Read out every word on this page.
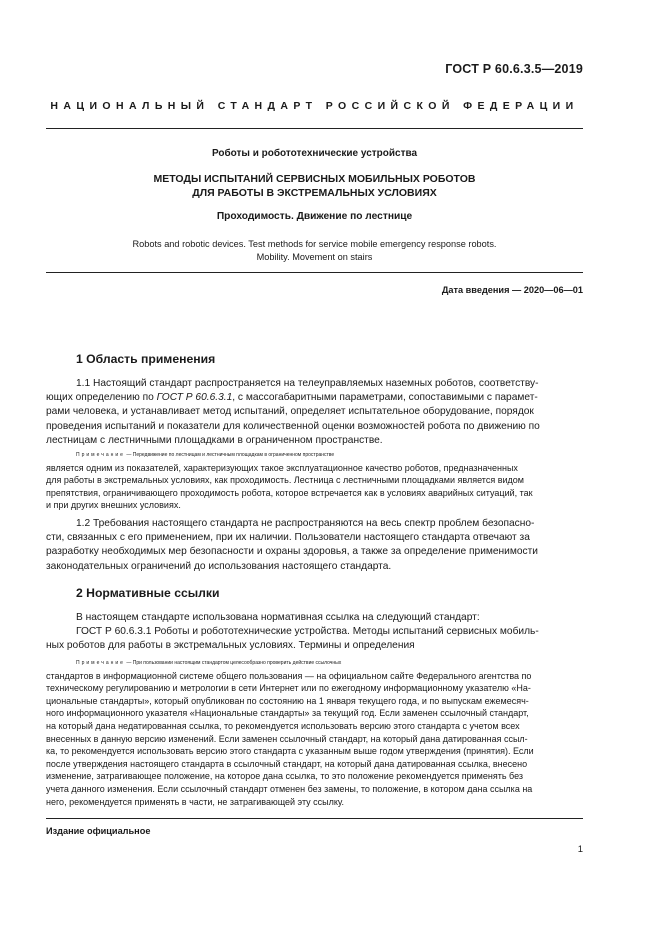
ГОСТ Р 60.6.3.5—2019
НАЦИОНАЛЬНЫЙ СТАНДАРТ РОССИЙСКОЙ ФЕДЕРАЦИИ
Роботы и робототехнические устройства
МЕТОДЫ ИСПЫТАНИЙ СЕРВИСНЫХ МОБИЛЬНЫХ РОБОТОВ
ДЛЯ РАБОТЫ В ЭКСТРЕМАЛЬНЫХ УСЛОВИЯХ
Проходимость. Движение по лестнице
Robots and robotic devices. Test methods for service mobile emergency response robots.
Mobility. Movement on stairs
Дата введения — 2020—06—01
1 Область применения
1.1 Настоящий стандарт распространяется на телеуправляемых наземных роботов, соответству-
ющих определению по ГОСТ Р 60.6.3.1, с массогабаритными параметрами, сопоставимыми с парамет-
рами человека, и устанавливает метод испытаний, определяет испытательное оборудование, порядок
проведения испытаний и показатели для количественной оценки возможностей робота по движению по
лестницам с лестничными площадками в ограниченном пространстве.
Примечание — Передвижение по лестницам и лестничным площадкам в ограниченном пространстве
является одним из показателей, характеризующих такое эксплуатационное качество роботов, предназначенных
для работы в экстремальных условиях, как проходимость. Лестница с лестничными площадками является видом
препятствия, ограничивающего проходимость робота, которое встречается как в условиях аварийных ситуаций, так
и при других внешних условиях.
1.2 Требования настоящего стандарта не распространяются на весь спектр проблем безопасно-
сти, связанных с его применением, при их наличии. Пользователи настоящего стандарта отвечают за
разработку необходимых мер безопасности и охраны здоровья, а также за определение применимости
законодательных ограничений до использования настоящего стандарта.
2 Нормативные ссылки
В настоящем стандарте использована нормативная ссылка на следующий стандарт:
ГОСТ Р 60.6.3.1 Роботы и робототехнические устройства. Методы испытаний сервисных мобиль-
ных роботов для работы в экстремальных условиях. Термины и определения
Примечание — При пользовании настоящим стандартом целесообразно проверить действие ссылочных
стандартов в информационной системе общего пользования — на официальном сайте Федерального агентства по
техническому регулированию и метрологии в сети Интернет или по ежегодному информационному указателю «На-
циональные стандарты», который опубликован по состоянию на 1 января текущего года, и по выпускам ежемесяч-
ного информационного указателя «Национальные стандарты» за текущий год. Если заменен ссылочный стандарт,
на который дана недатированная ссылка, то рекомендуется использовать версию этого стандарта с учетом всех
внесенных в данную версию изменений. Если заменен ссылочный стандарт, на который дана датированная ссыл-
ка, то рекомендуется использовать версию этого стандарта с указанным выше годом утверждения (принятия). Если
после утверждения настоящего стандарта в ссылочный стандарт, на который дана датированная ссылка, внесено
изменение, затрагивающее положение, на которое дана ссылка, то это положение рекомендуется применять без
учета данного изменения. Если ссылочный стандарт отменен без замены, то положение, в котором дана ссылка на
него, рекомендуется применять в части, не затрагивающей эту ссылку.
Издание официальное
1
